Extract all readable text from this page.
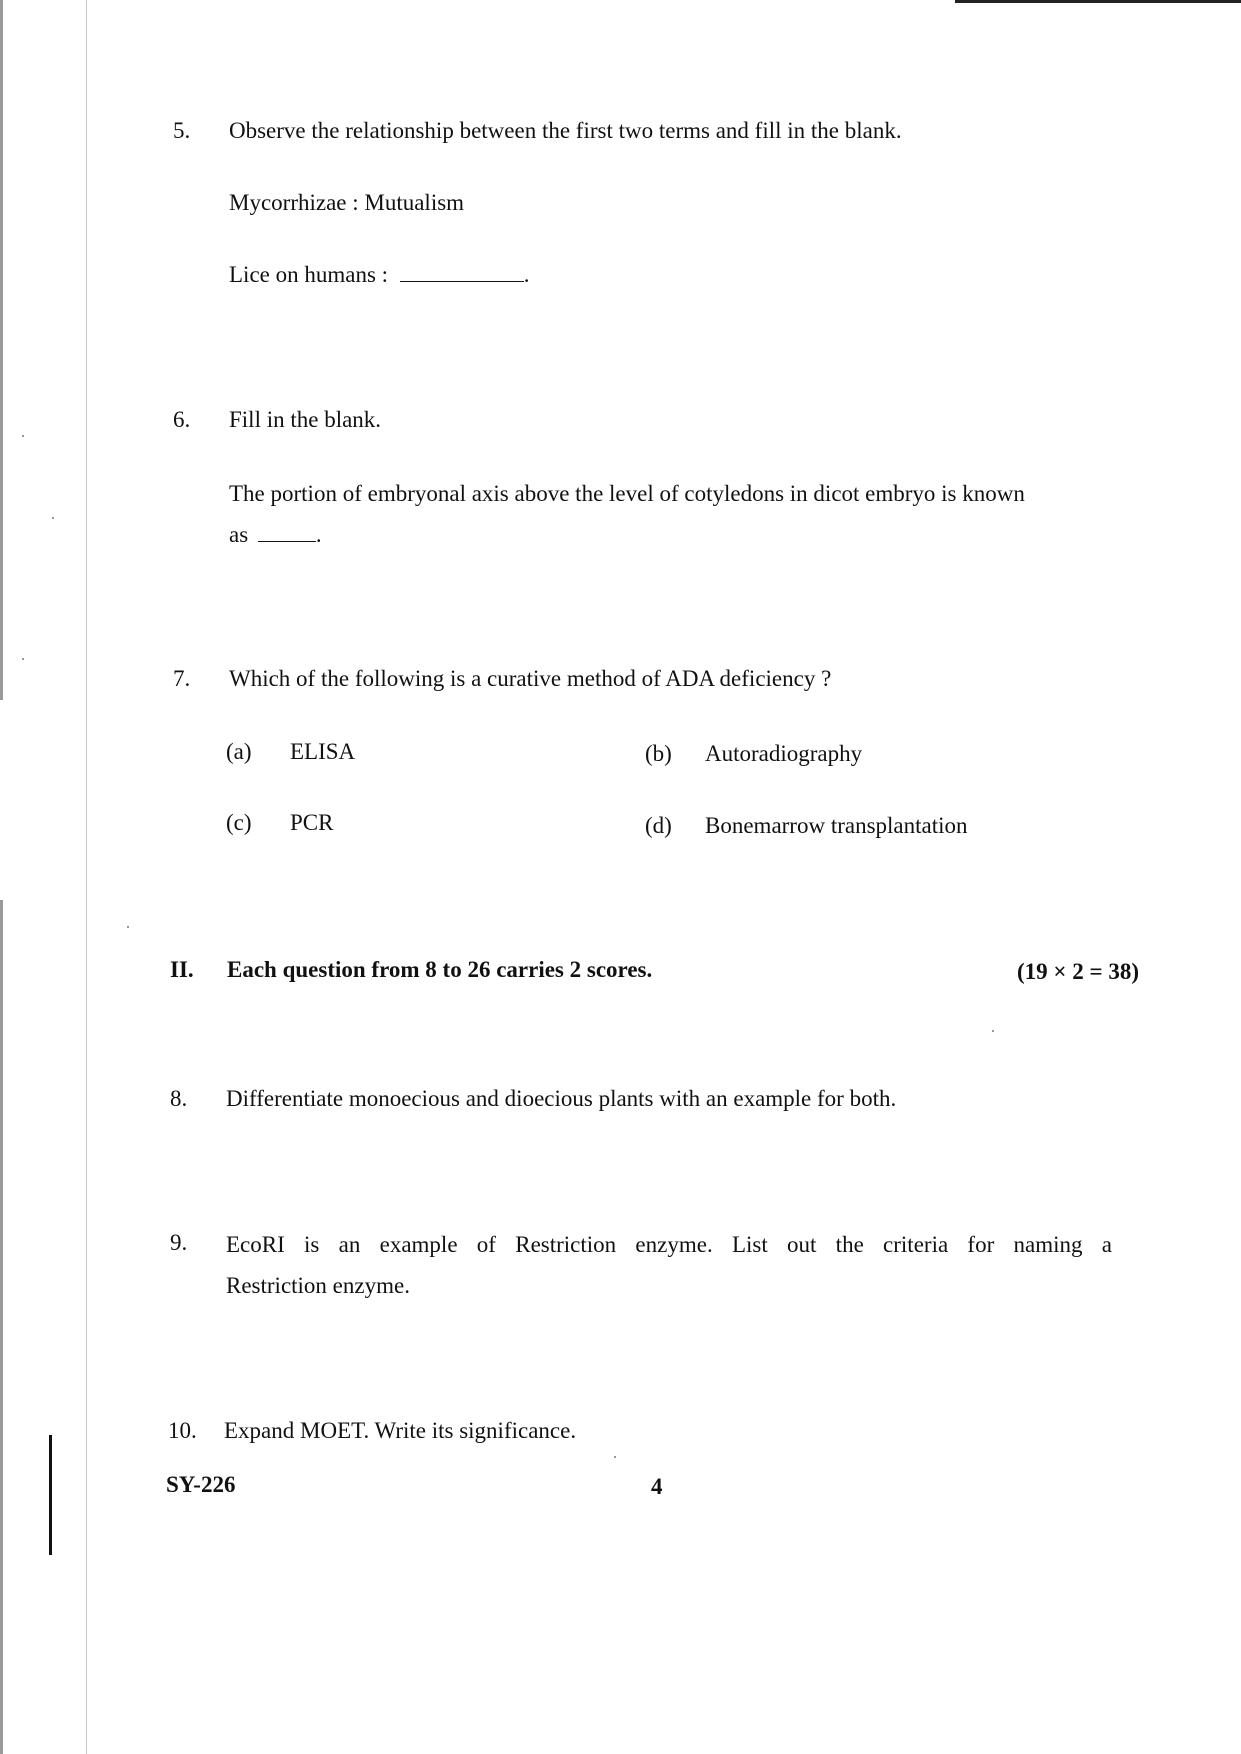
5. Observe the relationship between the first two terms and fill in the blank.
Mycorrhizae : Mutualism
Lice on humans :	.
6. Fill in the blank.
The portion of embryonal axis above the level of cotyledons in dicot embryo is known
as	.
7. Which of the following is a curative method of ADA deficiency ?
(a) ELISA	(b) Autoradiography
(c) PCR	(d) Bonemarrow transplantation
II. Each question from 8 to 26 carries 2 scores.	(19 × 2 = 38)
8. Differentiate monoecious and dioecious plants with an example for both.
9. EcoRI is an example of Restriction enzyme. List out the criteria for naming a
Restriction enzyme.
10. Expand MOET. Write its significance.
SY-226	4
